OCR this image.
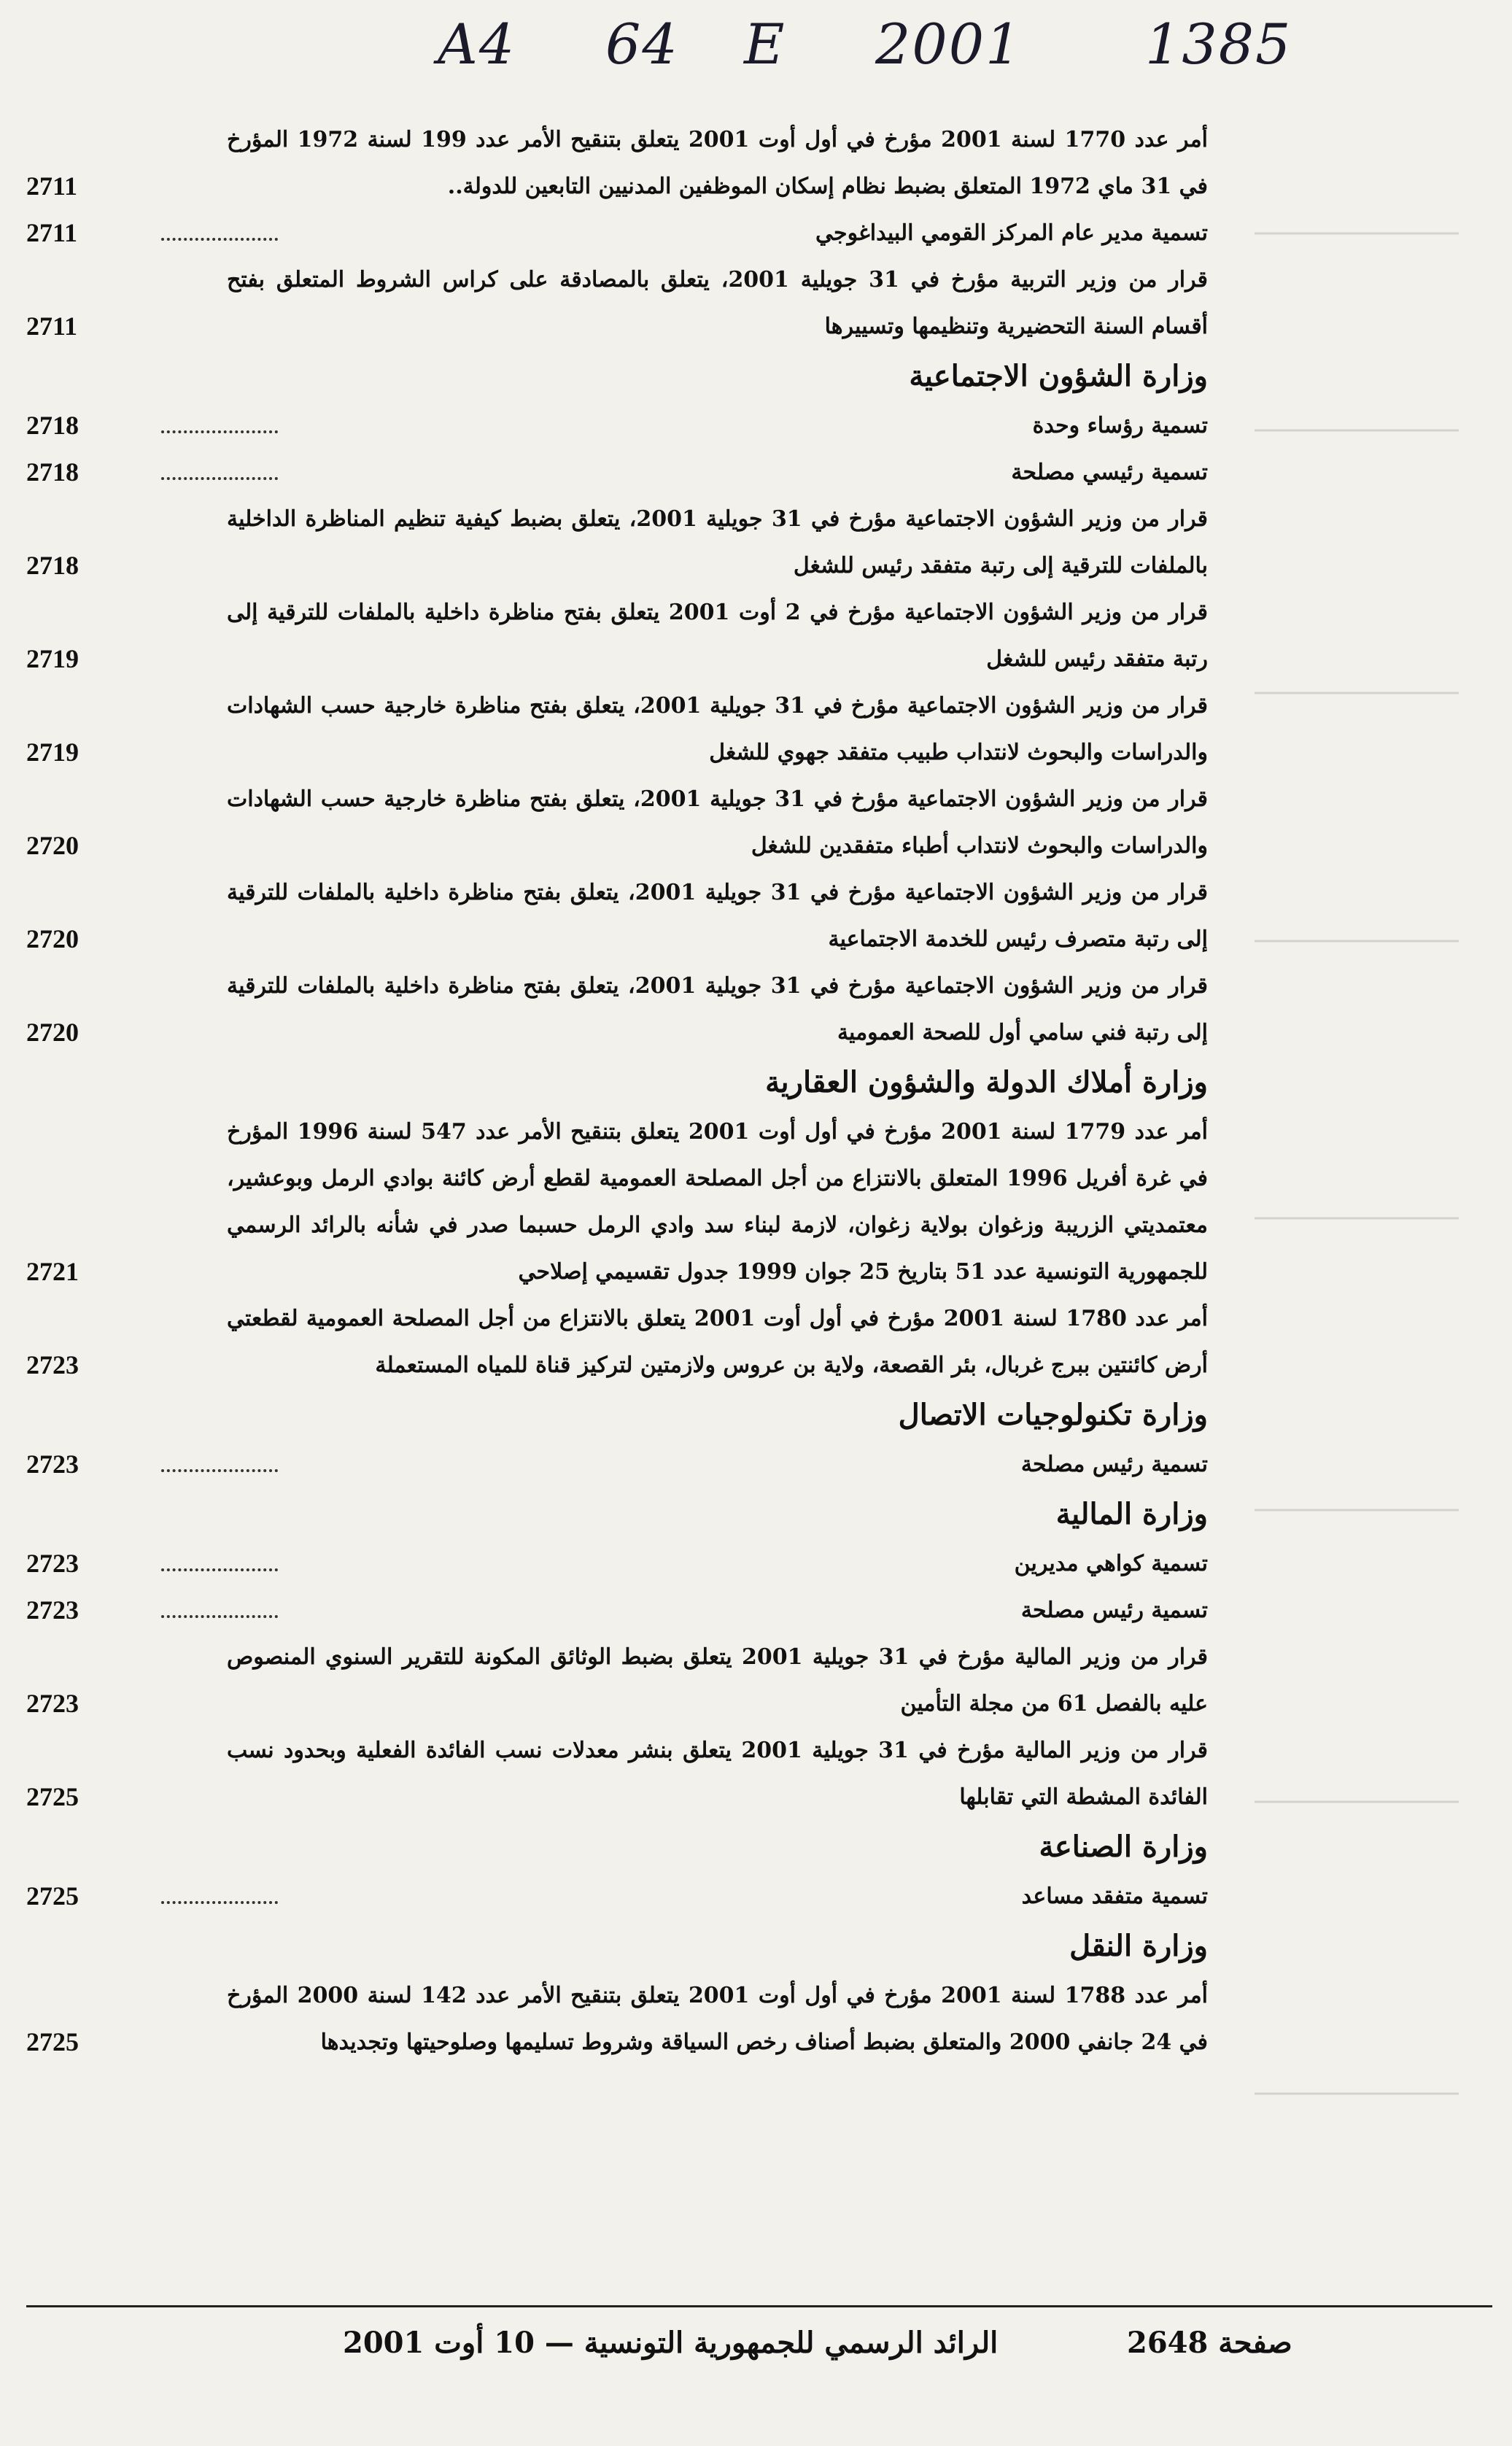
A4 64 E 2001 1385
أمر عدد 1770 لسنة 2001 مؤرخ في أول أوت 2001 يتعلق بتنقيح الأمر عدد 199 لسنة 1972 المؤرخ في 31 ماي 1972 المتعلق بضبط نظام إسكان الموظفين المدنيين التابعين للدولة..
2711
تسمية مدير عام المركز القومي البيداغوجي
2711
قرار من وزير التربية مؤرخ في 31 جويلية 2001، يتعلق بالمصادقة على كراس الشروط المتعلق بفتح أقسام السنة التحضيرية وتنظيمها وتسييرها
2711
وزارة الشؤون الاجتماعية
تسمية رؤساء وحدة
2718
تسمية رئيسي مصلحة
2718
قرار من وزير الشؤون الاجتماعية مؤرخ في 31 جويلية 2001، يتعلق بضبط كيفية تنظيم المناظرة الداخلية بالملفات للترقية إلى رتبة متفقد رئيس للشغل
2718
قرار من وزير الشؤون الاجتماعية مؤرخ في 2 أوت 2001 يتعلق بفتح مناظرة داخلية بالملفات للترقية إلى رتبة متفقد رئيس للشغل
2719
قرار من وزير الشؤون الاجتماعية مؤرخ في 31 جويلية 2001، يتعلق بفتح مناظرة خارجية حسب الشهادات والدراسات والبحوث لانتداب طبيب متفقد جهوي للشغل
2719
قرار من وزير الشؤون الاجتماعية مؤرخ في 31 جويلية 2001، يتعلق بفتح مناظرة خارجية حسب الشهادات والدراسات والبحوث لانتداب أطباء متفقدين للشغل
2720
قرار من وزير الشؤون الاجتماعية مؤرخ في 31 جويلية 2001، يتعلق بفتح مناظرة داخلية بالملفات للترقية إلى رتبة متصرف رئيس للخدمة الاجتماعية
2720
قرار من وزير الشؤون الاجتماعية مؤرخ في 31 جويلية 2001، يتعلق بفتح مناظرة داخلية بالملفات للترقية إلى رتبة فني سامي أول للصحة العمومية
2720
وزارة أملاك الدولة والشؤون العقارية
أمر عدد 1779 لسنة 2001 مؤرخ في أول أوت 2001 يتعلق بتنقيح الأمر عدد 547 لسنة 1996 المؤرخ في غرة أفريل 1996 المتعلق بالانتزاع من أجل المصلحة العمومية لقطع أرض كائنة بوادي الرمل وبوعشير، معتمديتي الزريبة وزغوان بولاية زغوان، لازمة لبناء سد وادي الرمل حسبما صدر في شأنه بالرائد الرسمي للجمهورية التونسية عدد 51 بتاريخ 25 جوان 1999 جدول تقسيمي إصلاحي
2721
أمر عدد 1780 لسنة 2001 مؤرخ في أول أوت 2001 يتعلق بالانتزاع من أجل المصلحة العمومية لقطعتي أرض كائنتين ببرج غربال، بئر القصعة، ولاية بن عروس ولازمتين لتركيز قناة للمياه المستعملة
2723
وزارة تكنولوجيات الاتصال
تسمية رئيس مصلحة
2723
وزارة المالية
تسمية كواهي مديرين
2723
تسمية رئيس مصلحة
2723
قرار من وزير المالية مؤرخ في 31 جويلية 2001 يتعلق بضبط الوثائق المكونة للتقرير السنوي المنصوص عليه بالفصل 61 من مجلة التأمين
2723
قرار من وزير المالية مؤرخ في 31 جويلية 2001 يتعلق بنشر معدلات نسب الفائدة الفعلية وبحدود نسب الفائدة المشطة التي تقابلها
2725
وزارة الصناعة
تسمية متفقد مساعد
2725
وزارة النقل
أمر عدد 1788 لسنة 2001 مؤرخ في أول أوت 2001 يتعلق بتنقيح الأمر عدد 142 لسنة 2000 المؤرخ في 24 جانفي 2000 والمتعلق بضبط أصناف رخص السياقة وشروط تسليمها وصلوحيتها وتجديدها
2725
صفحة 2648
الرائد الرسمي للجمهورية التونسية — 10 أوت 2001
